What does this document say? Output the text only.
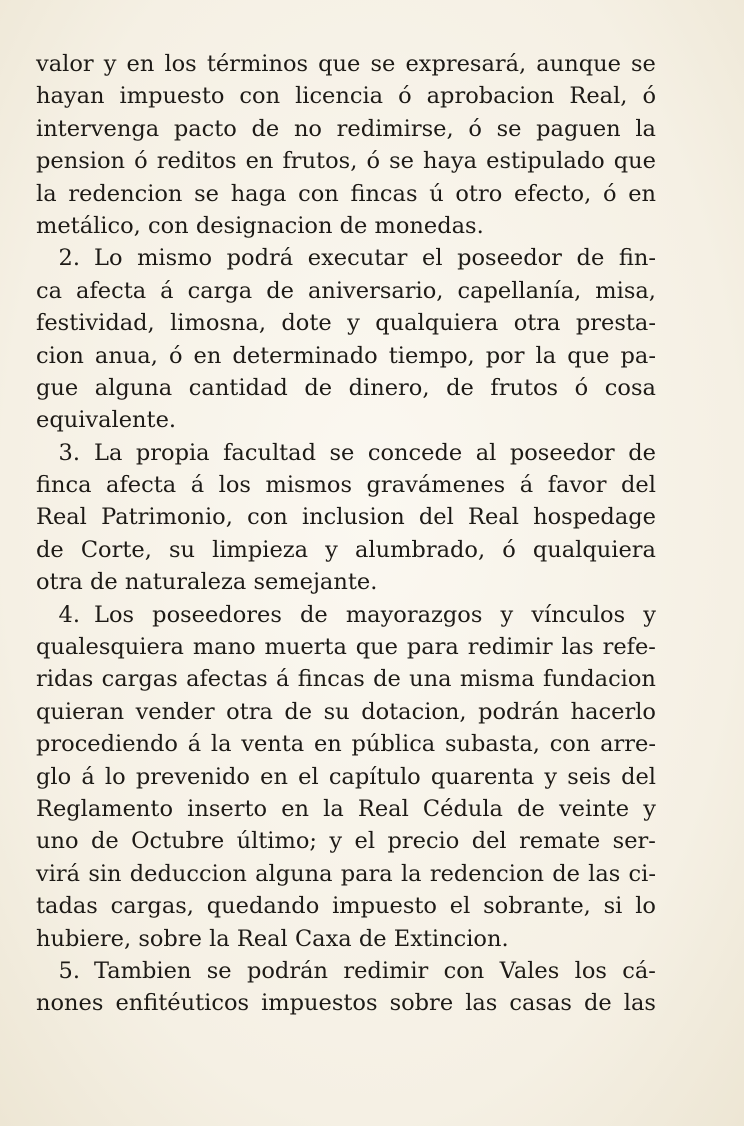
valor y en los términos que se expresará, aunque se
hayan impuesto con licencia ó aprobacion Real, ó
intervenga pacto de no redimirse, ó se paguen la
pension ó reditos en frutos, ó se haya estipulado que
la redencion se haga con fincas ú otro efecto, ó en
metálico, con designacion de monedas.
2. Lo mismo podrá executar el poseedor de fin-
ca afecta á carga de aniversario, capellanía, misa,
festividad, limosna, dote y qualquiera otra presta-
cion anua, ó en determinado tiempo, por la que pa-
gue alguna cantidad de dinero, de frutos ó cosa
equivalente.
3. La propia facultad se concede al poseedor de
finca afecta á los mismos gravámenes á favor del
Real Patrimonio, con inclusion del Real hospedage
de Corte, su limpieza y alumbrado, ó qualquiera
otra de naturaleza semejante.
4. Los poseedores de mayorazgos y vínculos y
qualesquiera mano muerta que para redimir las refe-
ridas cargas afectas á fincas de una misma fundacion
quieran vender otra de su dotacion, podrán hacerlo
procediendo á la venta en pública subasta, con arre-
glo á lo prevenido en el capítulo quarenta y seis del
Reglamento inserto en la Real Cédula de veinte y
uno de Octubre último; y el precio del remate ser-
virá sin deduccion alguna para la redencion de las ci-
tadas cargas, quedando impuesto el sobrante, si lo
hubiere, sobre la Real Caxa de Extincion.
5. Tambien se podrán redimir con Vales los cá-
nones enfitéuticos impuestos sobre las casas de las
